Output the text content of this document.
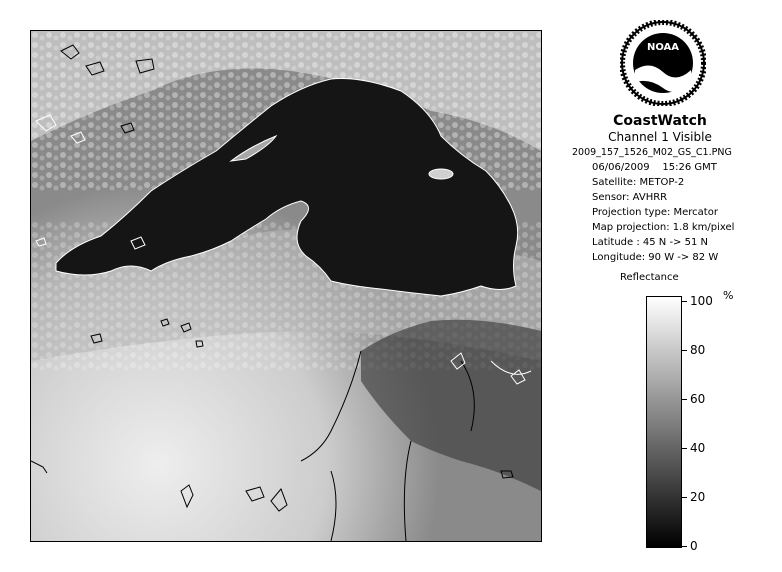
NOAA
CoastWatch
Channel 1 Visible
2009_157_1526_M02_GS_C1.PNG
06/06/2009 15:26 GMT
Satellite: METOP-2
Sensor: AVHRR
Projection type: Mercator
Map projection: 1.8 km/pixel
Latitude : 45 N -> 51 N
Longitude: 90 W -> 82 W
Reflectance
%
100
80
60
40
20
0
